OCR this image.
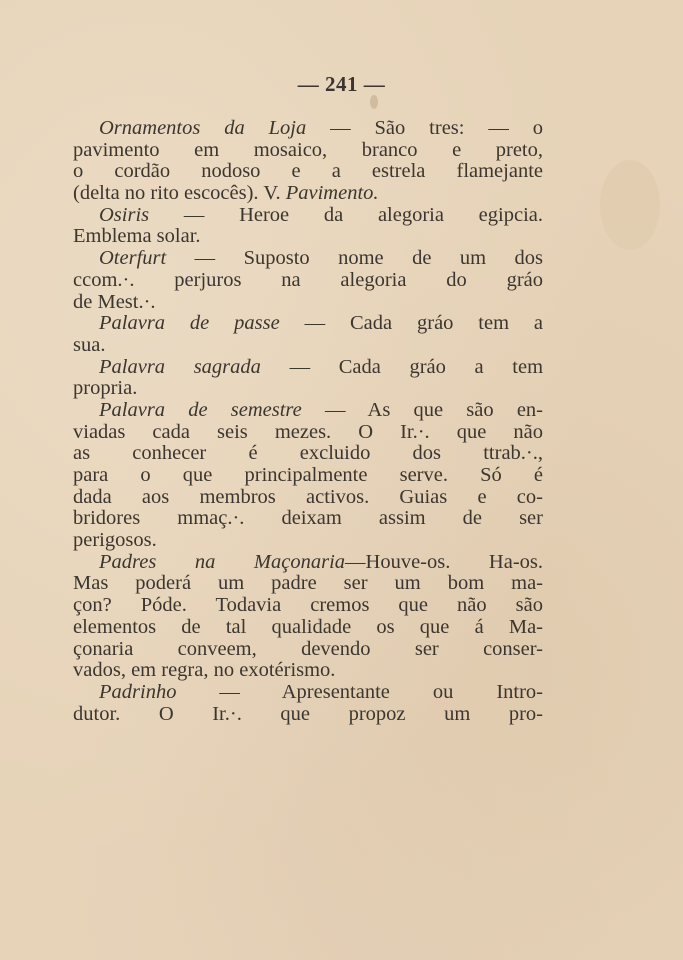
— 241 —
Ornamentos da Loja — São tres: — o
pavimento em mosaico, branco e preto,
o cordão nodoso e a estrela flamejante
(delta no rito escocês). V. Pavimento.
Osiris — Heroe da alegoria egipcia.
Emblema solar.
Oterfurt — Suposto nome de um dos
ccom.·. perjuros na alegoria do gráo
de Mest.·.
Palavra de passe — Cada gráo tem a
sua.
Palavra sagrada — Cada gráo a tem
propria.
Palavra de semestre — As que são en-
viadas cada seis mezes. O Ir.·. que não
as conhecer é excluido dos ttrab.·.,
para o que principalmente serve. Só é
dada aos membros activos. Guias e co-
bridores mmaç.·. deixam assim de ser
perigosos.
Padres na Maçonaria—Houve-os. Ha-os.
Mas poderá um padre ser um bom ma-
çon? Póde. Todavia cremos que não são
elementos de tal qualidade os que á Ma-
çonaria conveem, devendo ser conser-
vados, em regra, no exotérismo.
Padrinho — Apresentante ou Intro-
dutor. O Ir.·. que propoz um pro-
